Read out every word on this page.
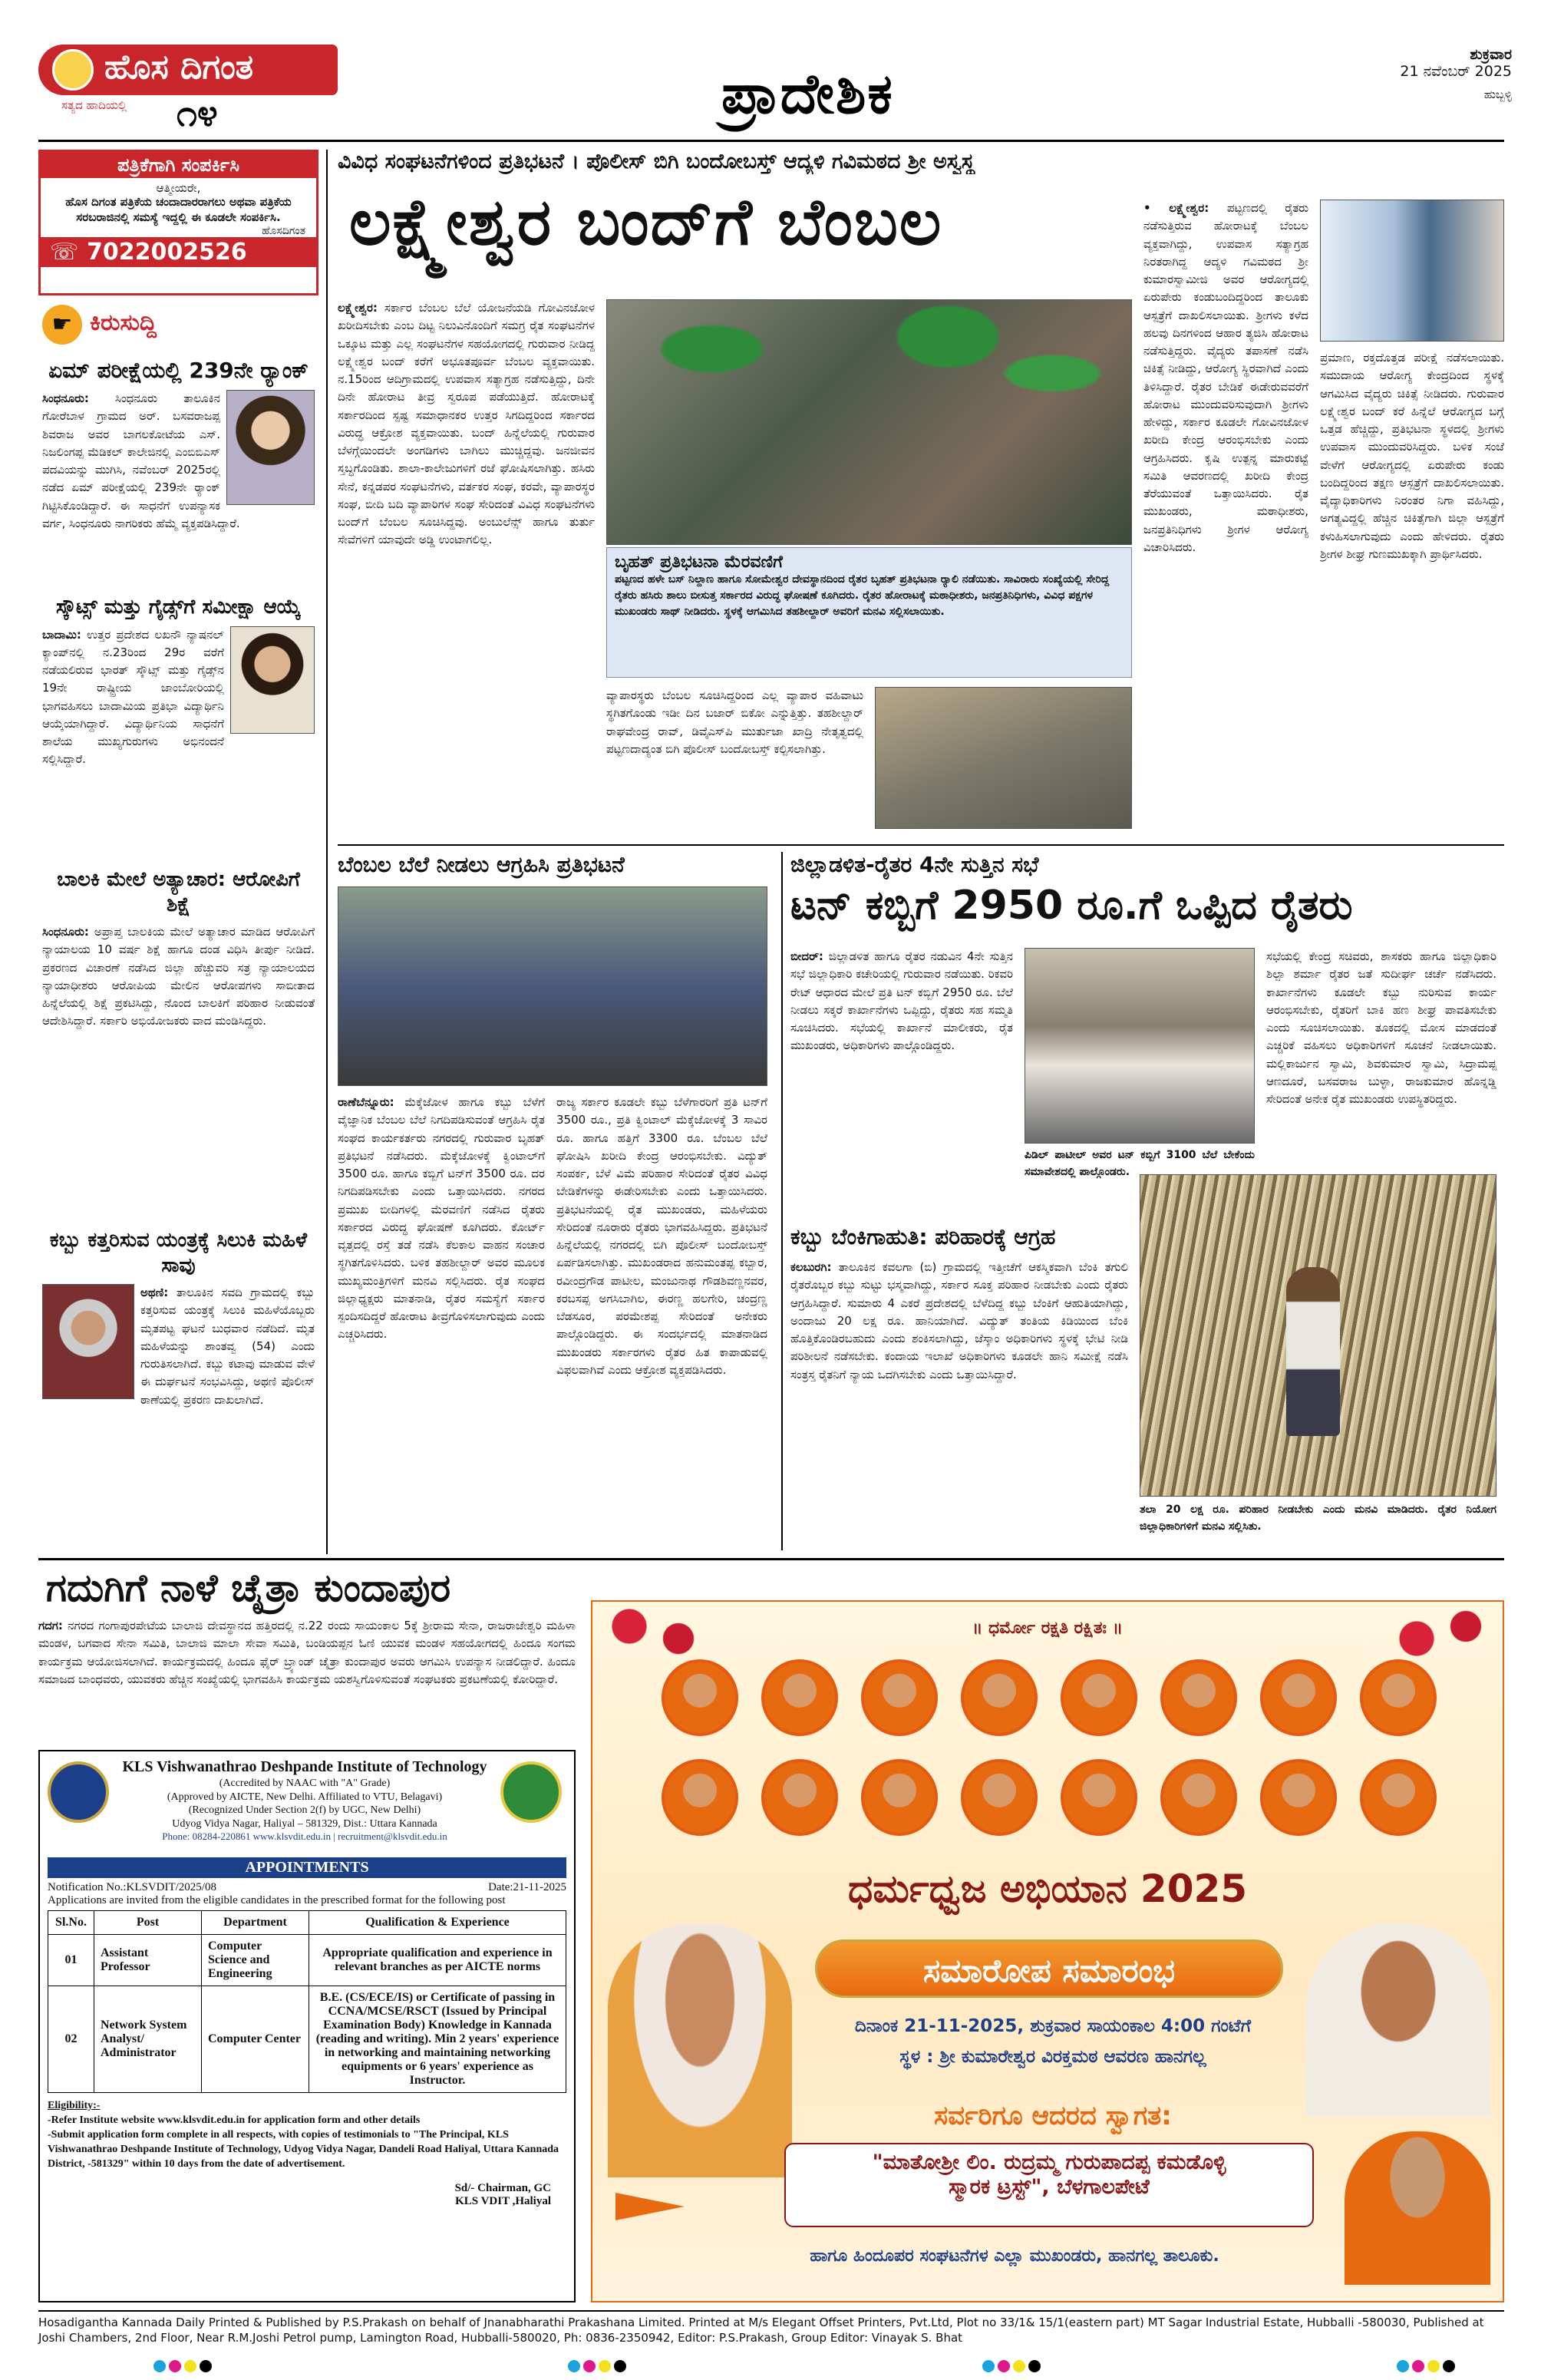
ಹೊಸ ದಿಗಂತ
ಸತ್ಯದ ಹಾದಿಯಲ್ಲಿ ೧೪	ಪ್ರಾದೇಶಿಕ
ಶುಕ್ರವಾರ
21 ನವೆಂಬರ್ 2025
ಹುಬ್ಬಳ್ಳಿ
ಪತ್ರಿಕೆಗಾಗಿ ಸಂಪರ್ಕಿಸಿ
ಆತ್ಮೀಯರೇ,
ಹೊಸ ದಿಗಂತ ಪತ್ರಿಕೆಯ ಚಂದಾದಾರರಾಗಲು ಅಥವಾ ಪತ್ರಿಕೆಯ ಸರಬರಾಜಿನಲ್ಲಿ ಸಮಸ್ಯೆ ಇದ್ದಲ್ಲಿ ಈ ಕೂಡಲೇ ಸಂಪರ್ಕಿಸಿ.
ಹೊಸದಿಗಂತ
☏ 7022002526
☛ ಕಿರುಸುದ್ದಿ
ಏಮ್ ಪರೀಕ್ಷೆಯಲ್ಲಿ 239ನೇ ರ‍್ಯಾಂಕ್
ಸಿಂಧನೂರು: ಸಿಂಧನೂರು ತಾಲೂಕಿನ ಗೋರೆಬಾಳ ಗ್ರಾಮದ ಅರ್. ಬಸವರಾಜಪ್ಪ ಶಿವರಾಜ ಅವರ ಬಾಗಲಕೋಟೆಯ ಎಸ್. ನಿಜಲಿಂಗಪ್ಪ ಮೆಡಿಕಲ್ ಕಾಲೇಜಿನಲ್ಲಿ ಎಂಬಿಬಿಎಸ್ ಪದವಿಯನ್ನು ಮುಗಿಸಿ, ನವೆಂಬರ್ 2025ರಲ್ಲಿ ನಡೆದ ಏಮ್ ಪರೀಕ್ಷೆಯಲ್ಲಿ 239ನೇ ರ‍್ಯಾಂಕ್ ಗಿಟ್ಟಿಸಿಕೊಂಡಿದ್ದಾರೆ. ಈ ಸಾಧನೆಗೆ ಉಪನ್ಯಾಸಕ ವರ್ಗ, ಸಿಂಧನೂರು ನಾಗರಿಕರು ಹೆಮ್ಮೆ ವ್ಯಕ್ತಪಡಿಸಿದ್ದಾರೆ.
ಸ್ಕೌಟ್ಸ್ ಮತ್ತು ಗೈಡ್ಸ್‌ಗೆ ಸಮೀಕ್ಷಾ ಆಯ್ಕೆ
ಬಾದಾಮಿ: ಉತ್ತರ ಪ್ರದೇಶದ ಲಖನೌ ನ್ಯಾಷನಲ್ ಕ್ಯಾಂಪ್‌ನಲ್ಲಿ ನ.23ರಿಂದ 29ರ ವರೆಗೆ ನಡೆಯಲಿರುವ ಭಾರತ್ ಸ್ಕೌಟ್ಸ್ ಮತ್ತು ಗೈಡ್ಸ್‌ನ 19ನೇ ರಾಷ್ಟ್ರೀಯ ಜಾಂಬೋರಿಯಲ್ಲಿ ಭಾಗವಹಿಸಲು ಬಾದಾಮಿಯ ಪ್ರತಿಭಾ ವಿದ್ಯಾರ್ಥಿನಿ ಆಯ್ಕೆಯಾಗಿದ್ದಾರೆ. ವಿದ್ಯಾರ್ಥಿನಿಯ ಸಾಧನೆಗೆ ಶಾಲೆಯ ಮುಖ್ಯಗುರುಗಳು ಅಭಿನಂದನೆ ಸಲ್ಲಿಸಿದ್ದಾರೆ.
ಬಾಲಕಿ ಮೇಲೆ ಅತ್ಯಾಚಾರ: ಆರೋಪಿಗೆ ಶಿಕ್ಷೆ
ಸಿಂಧನೂರು: ಅಪ್ರಾಪ್ತ ಬಾಲಕಿಯ ಮೇಲೆ ಅತ್ಯಾಚಾರ ಮಾಡಿದ ಆರೋಪಿಗೆ ನ್ಯಾಯಾಲಯ 10 ವರ್ಷ ಶಿಕ್ಷೆ ಹಾಗೂ ದಂಡ ವಿಧಿಸಿ ತೀರ್ಪು ನೀಡಿದೆ. ಪ್ರಕರಣದ ವಿಚಾರಣೆ ನಡೆಸಿದ ಜಿಲ್ಲಾ ಹೆಚ್ಚುವರಿ ಸತ್ರ ನ್ಯಾಯಾಲಯದ ನ್ಯಾಯಾಧೀಶರು ಆರೋಪಿಯ ಮೇಲಿನ ಆರೋಪಗಳು ಸಾಬೀತಾದ ಹಿನ್ನೆಲೆಯಲ್ಲಿ ಶಿಕ್ಷೆ ಪ್ರಕಟಿಸಿದ್ದು, ನೊಂದ ಬಾಲಕಿಗೆ ಪರಿಹಾರ ನೀಡುವಂತೆ ಆದೇಶಿಸಿದ್ದಾರೆ. ಸರ್ಕಾರಿ ಅಭಿಯೋಜಕರು ವಾದ ಮಂಡಿಸಿದ್ದರು.
ಕಬ್ಬು ಕತ್ತರಿಸುವ ಯಂತ್ರಕ್ಕೆ ಸಿಲುಕಿ ಮಹಿಳೆ ಸಾವು
ಅಥಣಿ: ತಾಲೂಕಿನ ಸವದಿ ಗ್ರಾಮದಲ್ಲಿ ಕಬ್ಬು ಕತ್ತರಿಸುವ ಯಂತ್ರಕ್ಕೆ ಸಿಲುಕಿ ಮಹಿಳೆಯೊಬ್ಬರು ಮೃತಪಟ್ಟ ಘಟನೆ ಬುಧವಾರ ನಡೆದಿದೆ. ಮೃತ ಮಹಿಳೆಯನ್ನು ಶಾಂತವ್ವ (54) ಎಂದು ಗುರುತಿಸಲಾಗಿದೆ. ಕಬ್ಬು ಕಟಾವು ಮಾಡುವ ವೇಳೆ ಈ ದುರ್ಘಟನೆ ಸಂಭವಿಸಿದ್ದು, ಅಥಣಿ ಪೊಲೀಸ್ ಠಾಣೆಯಲ್ಲಿ ಪ್ರಕರಣ ದಾಖಲಾಗಿದೆ.
ವಿವಿಧ ಸಂಘಟನೆಗಳಿಂದ ಪ್ರತಿಭಟನೆ । ಪೊಲೀಸ್ ಬಿಗಿ ಬಂದೋಬಸ್ತ್ ಆದ್ಯಳಿ ಗವಿಮಠದ ಶ್ರೀ ಅಸ್ವಸ್ಥ
ಲಕ್ಷ್ಮೇಶ್ವರ ಬಂದ್‌ಗೆ ಬೆಂಬಲ
ಲಕ್ಷ್ಮೇಶ್ವರ: ಸರ್ಕಾರ ಬೆಂಬಲ ಬೆಲೆ ಯೋಜನೆಯಡಿ ಗೋವಿನಜೋಳ ಖರೀದಿಸಬೇಕು ಎಂಬ ದಿಟ್ಟ ನಿಲುವಿನೊಂದಿಗೆ ಸಮಗ್ರ ರೈತ ಸಂಘಟನೆಗಳ ಒಕ್ಕೂಟ ಮತ್ತು ಎಲ್ಲ ಸಂಘಟನೆಗಳ ಸಹಯೋಗದಲ್ಲಿ ಗುರುವಾರ ನೀಡಿದ್ದ ಲಕ್ಷ್ಮೇಶ್ವರ ಬಂದ್ ಕರೆಗೆ ಅಭೂತಪೂರ್ವ ಬೆಂಬಲ ವ್ಯಕ್ತವಾಯಿತು. ನ.15ರಿಂದ ಆದಿಗ್ರಾಮದಲ್ಲಿ ಉಪವಾಸ ಸತ್ಯಾಗ್ರಹ ನಡೆಸುತ್ತಿದ್ದು, ದಿನೇ ದಿನೇ ಹೋರಾಟ ತೀವ್ರ ಸ್ವರೂಪ ಪಡೆಯುತ್ತಿದೆ. ಹೋರಾಟಕ್ಕೆ ಸರ್ಕಾರದಿಂದ ಸ್ಪಷ್ಟ ಸಮಾಧಾನಕರ ಉತ್ತರ ಸಿಗದಿದ್ದರಿಂದ ಸರ್ಕಾರದ ವಿರುದ್ಧ ಆಕ್ರೋಶ ವ್ಯಕ್ತವಾಯಿತು. ಬಂದ್ ಹಿನ್ನೆಲೆಯಲ್ಲಿ ಗುರುವಾರ ಬೆಳಗ್ಗೆಯಿಂದಲೇ ಅಂಗಡಿಗಳು ಬಾಗಿಲು ಮುಚ್ಚಿದ್ದವು. ಜನಜೀವನ ಸ್ತಬ್ಧಗೊಂಡಿತು. ಶಾಲಾ-ಕಾಲೇಜುಗಳಿಗೆ ರಜೆ ಘೋಷಿಸಲಾಗಿತ್ತು. ಹಸಿರು ಸೇನೆ, ಕನ್ನಡಪರ ಸಂಘಟನೆಗಳು, ವರ್ತಕರ ಸಂಘ, ಕರವೇ, ವ್ಯಾಪಾರಸ್ಥರ ಸಂಘ, ಬೀದಿ ಬದಿ ವ್ಯಾಪಾರಿಗಳ ಸಂಘ ಸೇರಿದಂತೆ ವಿವಿಧ ಸಂಘಟನೆಗಳು ಬಂದ್‌ಗೆ ಬೆಂಬಲ ಸೂಚಿಸಿದ್ದವು. ಅಂಬುಲೆನ್ಸ್ ಹಾಗೂ ತುರ್ತು ಸೇವೆಗಳಿಗೆ ಯಾವುದೇ ಅಡ್ಡಿ ಉಂಟಾಗಲಿಲ್ಲ.
ಬೃಹತ್ ಪ್ರತಿಭಟನಾ ಮೆರವಣಿಗೆ
ಪಟ್ಟಣದ ಹಳೇ ಬಸ್ ನಿಲ್ದಾಣ ಹಾಗೂ ಸೋಮೇಶ್ವರ ದೇವಸ್ಥಾನದಿಂದ ರೈತರ ಬೃಹತ್ ಪ್ರತಿಭಟನಾ ರ‍್ಯಾಲಿ ನಡೆಯಿತು. ಸಾವಿರಾರು ಸಂಖ್ಯೆಯಲ್ಲಿ ಸೇರಿದ್ದ ರೈತರು ಹಸಿರು ಶಾಲು ಬೀಸುತ್ತ ಸರ್ಕಾರದ ವಿರುದ್ಧ ಘೋಷಣೆ ಕೂಗಿದರು. ರೈತರ ಹೋರಾಟಕ್ಕೆ ಮಠಾಧೀಶರು, ಜನಪ್ರತಿನಿಧಿಗಳು, ವಿವಿಧ ಪಕ್ಷಗಳ ಮುಖಂಡರು ಸಾಥ್ ನೀಡಿದರು. ಸ್ಥಳಕ್ಕೆ ಆಗಮಿಸಿದ ತಹಶೀಲ್ದಾರ್ ಅವರಿಗೆ ಮನವಿ ಸಲ್ಲಿಸಲಾಯಿತು.
ವ್ಯಾಪಾರಸ್ಥರು ಬೆಂಬಲ ಸೂಚಿಸಿದ್ದರಿಂದ ಎಲ್ಲ ವ್ಯಾಪಾರ ವಹಿವಾಟು ಸ್ಥಗಿತಗೊಂಡು ಇಡೀ ದಿನ ಬಜಾರ್ ಬಿಕೋ ಎನ್ನುತ್ತಿತ್ತು. ತಹಶೀಲ್ದಾರ್ ರಾಘವೇಂದ್ರ ರಾವ್, ಡಿವೈಎಸ್‌ಪಿ ಮುರ್ತುಜಾ ಖಾದ್ರಿ ನೇತೃತ್ವದಲ್ಲಿ ಪಟ್ಟಣದಾದ್ಯಂತ ಬಿಗಿ ಪೊಲೀಸ್ ಬಂದೋಬಸ್ತ್ ಕಲ್ಪಿಸಲಾಗಿತ್ತು.
• ಲಕ್ಷ್ಮೇಶ್ವರ: ಪಟ್ಟಣದಲ್ಲಿ ರೈತರು ನಡೆಸುತ್ತಿರುವ ಹೋರಾಟಕ್ಕೆ ಬೆಂಬಲ ವ್ಯಕ್ತವಾಗಿದ್ದು, ಉಪವಾಸ ಸತ್ಯಾಗ್ರಹ ನಿರತರಾಗಿದ್ದ ಆದ್ಯಳಿ ಗವಿಮಠದ ಶ್ರೀ ಕುಮಾರಸ್ವಾಮೀಜಿ ಅವರ ಆರೋಗ್ಯದಲ್ಲಿ ಏರುಪೇರು ಕಂಡುಬಂದಿದ್ದರಿಂದ ತಾಲೂಕು ಆಸ್ಪತ್ರೆಗೆ ದಾಖಲಿಸಲಾಯಿತು. ಶ್ರೀಗಳು ಕಳೆದ ಹಲವು ದಿನಗಳಿಂದ ಆಹಾರ ತ್ಯಜಿಸಿ ಹೋರಾಟ ನಡೆಸುತ್ತಿದ್ದರು. ವೈದ್ಯರು ತಪಾಸಣೆ ನಡೆಸಿ ಚಿಕಿತ್ಸೆ ನೀಡಿದ್ದು, ಆರೋಗ್ಯ ಸ್ಥಿರವಾಗಿದೆ ಎಂದು ತಿಳಿಸಿದ್ದಾರೆ. ರೈತರ ಬೇಡಿಕೆ ಈಡೇರುವವರೆಗೆ ಹೋರಾಟ ಮುಂದುವರಿಸುವುದಾಗಿ ಶ್ರೀಗಳು ಹೇಳಿದ್ದು, ಸರ್ಕಾರ ಕೂಡಲೇ ಗೋವಿನಜೋಳ ಖರೀದಿ ಕೇಂದ್ರ ಆರಂಭಿಸಬೇಕು ಎಂದು ಆಗ್ರಹಿಸಿದರು. ಕೃಷಿ ಉತ್ಪನ್ನ ಮಾರುಕಟ್ಟೆ ಸಮಿತಿ ಆವರಣದಲ್ಲಿ ಖರೀದಿ ಕೇಂದ್ರ ತೆರೆಯುವಂತೆ ಒತ್ತಾಯಿಸಿದರು. ರೈತ ಮುಖಂಡರು, ಮಠಾಧೀಶರು, ಜನಪ್ರತಿನಿಧಿಗಳು ಶ್ರೀಗಳ ಆರೋಗ್ಯ ವಿಚಾರಿಸಿದರು.
ಪ್ರಮಾಣ, ರಕ್ತದೊತ್ತಡ ಪರೀಕ್ಷೆ ನಡೆಸಲಾಯಿತು. ಸಮುದಾಯ ಆರೋಗ್ಯ ಕೇಂದ್ರದಿಂದ ಸ್ಥಳಕ್ಕೆ ಆಗಮಿಸಿದ ವೈದ್ಯರು ಚಿಕಿತ್ಸೆ ನೀಡಿದರು. ಗುರುವಾರ ಲಕ್ಷ್ಮೇಶ್ವರ ಬಂದ್ ಕರೆ ಹಿನ್ನೆಲೆ ಆರೋಗ್ಯದ ಬಗ್ಗೆ ಒತ್ತಡ ಹೆಚ್ಚಿದ್ದು, ಪ್ರತಿಭಟನಾ ಸ್ಥಳದಲ್ಲಿ ಶ್ರೀಗಳು ಉಪವಾಸ ಮುಂದುವರಿಸಿದ್ದರು. ಬಳಿಕ ಸಂಜೆ ವೇಳೆಗೆ ಆರೋಗ್ಯದಲ್ಲಿ ಏರುಪೇರು ಕಂಡು ಬಂದಿದ್ದರಿಂದ ತಕ್ಷಣ ಆಸ್ಪತ್ರೆಗೆ ದಾಖಲಿಸಲಾಯಿತು. ವೈದ್ಯಾಧಿಕಾರಿಗಳು ನಿರಂತರ ನಿಗಾ ವಹಿಸಿದ್ದು, ಅಗತ್ಯವಿದ್ದಲ್ಲಿ ಹೆಚ್ಚಿನ ಚಿಕಿತ್ಸೆಗಾಗಿ ಜಿಲ್ಲಾ ಆಸ್ಪತ್ರೆಗೆ ಕಳುಹಿಸಲಾಗುವುದು ಎಂದು ಹೇಳಿದರು. ರೈತರು ಶ್ರೀಗಳ ಶೀಘ್ರ ಗುಣಮುಖಕ್ಕಾಗಿ ಪ್ರಾರ್ಥಿಸಿದರು.
ಬೆಂಬಲ ಬೆಲೆ ನೀಡಲು ಆಗ್ರಹಿಸಿ ಪ್ರತಿಭಟನೆ
ರಾಣೆಬೆನ್ನೂರು: ಮೆಕ್ಕೆಜೋಳ ಹಾಗೂ ಕಬ್ಬು ಬೆಳೆಗೆ ವೈಜ್ಞಾನಿಕ ಬೆಂಬಲ ಬೆಲೆ ನಿಗದಿಪಡಿಸುವಂತೆ ಆಗ್ರಹಿಸಿ ರೈತ ಸಂಘದ ಕಾರ್ಯಕರ್ತರು ನಗರದಲ್ಲಿ ಗುರುವಾರ ಬೃಹತ್ ಪ್ರತಿಭಟನೆ ನಡೆಸಿದರು. ಮೆಕ್ಕೆಜೋಳಕ್ಕೆ ಕ್ವಿಂಟಾಲ್‌ಗೆ 3500 ರೂ. ಹಾಗೂ ಕಬ್ಬಿಗೆ ಟನ್‌ಗೆ 3500 ರೂ. ದರ ನಿಗದಿಪಡಿಸಬೇಕು ಎಂದು ಒತ್ತಾಯಿಸಿದರು. ನಗರದ ಪ್ರಮುಖ ಬೀದಿಗಳಲ್ಲಿ ಮೆರವಣಿಗೆ ನಡೆಸಿದ ರೈತರು ಸರ್ಕಾರದ ವಿರುದ್ಧ ಘೋಷಣೆ ಕೂಗಿದರು. ಕೋರ್ಟ್ ವೃತ್ತದಲ್ಲಿ ರಸ್ತೆ ತಡೆ ನಡೆಸಿ ಕೆಲಕಾಲ ವಾಹನ ಸಂಚಾರ ಸ್ಥಗಿತಗೊಳಿಸಿದರು. ಬಳಿಕ ತಹಶೀಲ್ದಾರ್ ಅವರ ಮೂಲಕ ಮುಖ್ಯಮಂತ್ರಿಗಳಿಗೆ ಮನವಿ ಸಲ್ಲಿಸಿದರು. ರೈತ ಸಂಘದ ಜಿಲ್ಲಾಧ್ಯಕ್ಷರು ಮಾತನಾಡಿ, ರೈತರ ಸಮಸ್ಯೆಗೆ ಸರ್ಕಾರ ಸ್ಪಂದಿಸದಿದ್ದರೆ ಹೋರಾಟ ತೀವ್ರಗೊಳಿಸಲಾಗುವುದು ಎಂದು ಎಚ್ಚರಿಸಿದರು.
ರಾಜ್ಯ ಸರ್ಕಾರ ಕೂಡಲೇ ಕಬ್ಬು ಬೆಳೆಗಾರರಿಗೆ ಪ್ರತಿ ಟನ್‌ಗೆ 3500 ರೂ., ಪ್ರತಿ ಕ್ವಿಂಟಾಲ್ ಮೆಕ್ಕೆಜೋಳಕ್ಕೆ 3 ಸಾವಿರ ರೂ. ಹಾಗೂ ಹತ್ತಿಗೆ 3300 ರೂ. ಬೆಂಬಲ ಬೆಲೆ ಘೋಷಿಸಿ ಖರೀದಿ ಕೇಂದ್ರ ಆರಂಭಿಸಬೇಕು. ವಿದ್ಯುತ್ ಸಂಪರ್ಕ, ಬೆಳೆ ವಿಮೆ ಪರಿಹಾರ ಸೇರಿದಂತೆ ರೈತರ ವಿವಿಧ ಬೇಡಿಕೆಗಳನ್ನು ಈಡೇರಿಸಬೇಕು ಎಂದು ಒತ್ತಾಯಿಸಿದರು. ಪ್ರತಿಭಟನೆಯಲ್ಲಿ ರೈತ ಮುಖಂಡರು, ಮಹಿಳೆಯರು ಸೇರಿದಂತೆ ನೂರಾರು ರೈತರು ಭಾಗವಹಿಸಿದ್ದರು. ಪ್ರತಿಭಟನೆ ಹಿನ್ನೆಲೆಯಲ್ಲಿ ನಗರದಲ್ಲಿ ಬಿಗಿ ಪೊಲೀಸ್ ಬಂದೋಬಸ್ತ್ ಏರ್ಪಡಿಸಲಾಗಿತ್ತು. ಮುಖಂಡರಾದ ಹನುಮಂತಪ್ಪ ಕಬ್ಬಾರ, ರವೀಂದ್ರಗೌಡ ಪಾಟೀಲ, ಮಂಜುನಾಥ ಗೌಡಶಿವಣ್ಣನವರ, ಕರಬಸಪ್ಪ ಅಗಸಿಬಾಗಿಲ, ಈರಣ್ಣ ಹಲಗೇರಿ, ಚಂದ್ರಣ್ಣ ಬೆಡಸೂರ, ಪರಮೇಶಪ್ಪ ಸೇರಿದಂತೆ ಅನೇಕರು ಪಾಲ್ಗೊಂಡಿದ್ದರು. ಈ ಸಂದರ್ಭದಲ್ಲಿ ಮಾತನಾಡಿದ ಮುಖಂಡರು ಸರ್ಕಾರಗಳು ರೈತರ ಹಿತ ಕಾಪಾಡುವಲ್ಲಿ ವಿಫಲವಾಗಿವೆ ಎಂದು ಆಕ್ರೋಶ ವ್ಯಕ್ತಪಡಿಸಿದರು.
ಜಿಲ್ಲಾಡಳಿತ-ರೈತರ 4ನೇ ಸುತ್ತಿನ ಸಭೆ
ಟನ್ ಕಬ್ಬಿಗೆ 2950 ರೂ.ಗೆ ಒಪ್ಪಿದ ರೈತರು
ಬೀದರ್: ಜಿಲ್ಲಾಡಳಿತ ಹಾಗೂ ರೈತರ ನಡುವಿನ 4ನೇ ಸುತ್ತಿನ ಸಭೆ ಜಿಲ್ಲಾಧಿಕಾರಿ ಕಚೇರಿಯಲ್ಲಿ ಗುರುವಾರ ನಡೆಯಿತು. ರಿಕವರಿ ರೇಟ್ ಆಧಾರದ ಮೇಲೆ ಪ್ರತಿ ಟನ್ ಕಬ್ಬಿಗೆ 2950 ರೂ. ಬೆಲೆ ನೀಡಲು ಸಕ್ಕರೆ ಕಾರ್ಖಾನೆಗಳು ಒಪ್ಪಿದ್ದು, ರೈತರು ಸಹ ಸಮ್ಮತಿ ಸೂಚಿಸಿದರು. ಸಭೆಯಲ್ಲಿ ಕಾರ್ಖಾನೆ ಮಾಲೀಕರು, ರೈತ ಮುಖಂಡರು, ಅಧಿಕಾರಿಗಳು ಪಾಲ್ಗೊಂಡಿದ್ದರು.
ಪಿಡಿಲ್ ಪಾಟೀಲ್ ಅವರ ಟನ್ ಕಬ್ಬಿಗೆ 3100 ಬೆಲೆ ಬೇಕೆಂದು ಸಮಾವೇಶದಲ್ಲಿ ಪಾಲ್ಗೊಂಡರು.
ಸಭೆಯಲ್ಲಿ ಕೇಂದ್ರ ಸಚಿವರು, ಶಾಸಕರು ಹಾಗೂ ಜಿಲ್ಲಾಧಿಕಾರಿ ಶಿಲ್ಪಾ ಶರ್ಮಾ ರೈತರ ಜತೆ ಸುದೀರ್ಘ ಚರ್ಚೆ ನಡೆಸಿದರು. ಕಾರ್ಖಾನೆಗಳು ಕೂಡಲೇ ಕಬ್ಬು ನುರಿಸುವ ಕಾರ್ಯ ಆರಂಭಿಸಬೇಕು, ರೈತರಿಗೆ ಬಾಕಿ ಹಣ ಶೀಘ್ರ ಪಾವತಿಸಬೇಕು ಎಂದು ಸೂಚಿಸಲಾಯಿತು. ತೂಕದಲ್ಲಿ ಮೋಸ ಮಾಡದಂತೆ ಎಚ್ಚರಿಕೆ ವಹಿಸಲು ಅಧಿಕಾರಿಗಳಿಗೆ ಸೂಚನೆ ನೀಡಲಾಯಿತು. ಮಲ್ಲಿಕಾರ್ಜುನ ಸ್ವಾಮಿ, ಶಿವಕುಮಾರ ಸ್ವಾಮಿ, ಸಿದ್ರಾಮಪ್ಪ ಆಣದೂರೆ, ಬಸವರಾಜ ಬುಳ್ಳಾ, ರಾಜಕುಮಾರ ಹೊನ್ನಡ್ಡಿ ಸೇರಿದಂತೆ ಅನೇಕ ರೈತ ಮುಖಂಡರು ಉಪಸ್ಥಿತರಿದ್ದರು.
ಕಬ್ಬು ಬೆಂಕಿಗಾಹುತಿ: ಪರಿಹಾರಕ್ಕೆ ಆಗ್ರಹ
ಕಲಬುರಗಿ: ತಾಲೂಕಿನ ಕವಲಗಾ (ಬಿ) ಗ್ರಾಮದಲ್ಲಿ ಇತ್ತೀಚೆಗೆ ಆಕಸ್ಮಿಕವಾಗಿ ಬೆಂಕಿ ತಗುಲಿ ರೈತರೊಬ್ಬರ ಕಬ್ಬು ಸುಟ್ಟು ಭಸ್ಮವಾಗಿದ್ದು, ಸರ್ಕಾರ ಸೂಕ್ತ ಪರಿಹಾರ ನೀಡಬೇಕು ಎಂದು ರೈತರು ಆಗ್ರಹಿಸಿದ್ದಾರೆ. ಸುಮಾರು 4 ಎಕರೆ ಪ್ರದೇಶದಲ್ಲಿ ಬೆಳೆದಿದ್ದ ಕಬ್ಬು ಬೆಂಕಿಗೆ ಆಹುತಿಯಾಗಿದ್ದು, ಅಂದಾಜು 20 ಲಕ್ಷ ರೂ. ಹಾನಿಯಾಗಿದೆ. ವಿದ್ಯುತ್ ತಂತಿಯ ಕಿಡಿಯಿಂದ ಬೆಂಕಿ ಹೊತ್ತಿಕೊಂಡಿರಬಹುದು ಎಂದು ಶಂಕಿಸಲಾಗಿದ್ದು, ಜೆಸ್ಕಾಂ ಅಧಿಕಾರಿಗಳು ಸ್ಥಳಕ್ಕೆ ಭೇಟಿ ನೀಡಿ ಪರಿಶೀಲನೆ ನಡೆಸಬೇಕು. ಕಂದಾಯ ಇಲಾಖೆ ಅಧಿಕಾರಿಗಳು ಕೂಡಲೇ ಹಾನಿ ಸಮೀಕ್ಷೆ ನಡೆಸಿ ಸಂತ್ರಸ್ತ ರೈತನಿಗೆ ನ್ಯಾಯ ಒದಗಿಸಬೇಕು ಎಂದು ಒತ್ತಾಯಿಸಿದ್ದಾರೆ.
ತಲಾ 20 ಲಕ್ಷ ರೂ. ಪರಿಹಾರ ನೀಡಬೇಕು ಎಂದು ಮನವಿ ಮಾಡಿದರು. ರೈತರ ನಿಯೋಗ ಜಿಲ್ಲಾಧಿಕಾರಿಗಳಿಗೆ ಮನವಿ ಸಲ್ಲಿಸಿತು.
ಗದುಗಿಗೆ ನಾಳೆ ಚೈತ್ರಾ ಕುಂದಾಪುರ
ಗದಗ: ನಗರದ ಗಂಗಾಪುರಪೇಟೆಯ ಬಾಲಾಜಿ ದೇವಸ್ಥಾನದ ಹತ್ತಿರದಲ್ಲಿ ನ.22 ರಂದು ಸಾಯಂಕಾಲ 5ಕ್ಕೆ ಶ್ರೀರಾಮ ಸೇನಾ, ರಾಜರಾಜೇಶ್ವರಿ ಮಹಿಳಾ ಮಂಡಳ, ಬಗವಾದ ಸೇನಾ ಸಮಿತಿ, ಬಾಲಾಜಿ ಮಾಲಾ ಸೇವಾ ಸಮಿತಿ, ಬಂಡಿಯಪ್ಪನ ಓಣಿ ಯುವಕ ಮಂಡಳ ಸಹಯೋಗದಲ್ಲಿ ಹಿಂದೂ ಸಂಗಮ ಕಾರ್ಯಕ್ರಮ ಆಯೋಜಿಸಲಾಗಿದೆ. ಕಾರ್ಯಕ್ರಮದಲ್ಲಿ ಹಿಂದೂ ಫೈರ್ ಬ್ರ್ಯಾಂಡ್ ಚೈತ್ರಾ ಕುಂದಾಪುರ ಅವರು ಆಗಮಿಸಿ ಉಪನ್ಯಾಸ ನೀಡಲಿದ್ದಾರೆ. ಹಿಂದೂ ಸಮಾಜದ ಬಾಂಧವರು, ಯುವಕರು ಹೆಚ್ಚಿನ ಸಂಖ್ಯೆಯಲ್ಲಿ ಭಾಗವಹಿಸಿ ಕಾರ್ಯಕ್ರಮ ಯಶಸ್ವಿಗೊಳಿಸುವಂತೆ ಸಂಘಟಕರು ಪ್ರಕಟಣೆಯಲ್ಲಿ ಕೋರಿದ್ದಾರೆ.
KLS Vishwanathrao Deshpande Institute of Technology
(Accredited by NAAC with "A" Grade)
(Approved by AICTE, New Delhi. Affiliated to VTU, Belagavi)
(Recognized Under Section 2(f) by UGC, New Delhi)
Udyog Vidya Nagar, Haliyal – 581329, Dist.: Uttara Kannada
Phone: 08284-220861 www.klsvdit.edu.in | recruitment@klsvdit.edu.in
APPOINTMENTS
Notification No.:KLSVDIT/2025/08	Date:21-11-2025
Applications are invited from the eligible candidates in the prescribed format for the following post
Sl.No.	Post	Department	Qualification & Experience
01	Assistant Professor	Computer Science and Engineering	Appropriate qualification and experience in relevant branches as per AICTE norms
02	Network System Analyst/ Administrator	Computer Center	B.E. (CS/ECE/IS) or Certificate of passing in CCNA/MCSE/RSCT (Issued by Principal Examination Body) Knowledge in Kannada (reading and writing). Min 2 years' experience in networking and maintaining networking equipments or 6 years' experience as Instructor.
Eligibility:-
-Refer Institute website www.klsvdit.edu.in for application form and other details
-Submit application form complete in all respects, with copies of testimonials to "The Principal, KLS Vishwanathrao Deshpande Institute of Technology, Udyog Vidya Nagar, Dandeli Road Haliyal, Uttara Kannada District, -581329" within 10 days from the date of advertisement.
Sd/- Chairman, GC
KLS VDIT ,Haliyal
॥ ಧರ್ಮೋ ರಕ್ಷತಿ ರಕ್ಷಿತಃ ॥
ಧರ್ಮಧ್ವಜ ಅಭಿಯಾನ 2025
ಸಮಾರೋಪ ಸಮಾರಂಭ
ದಿನಾಂಕ 21-11-2025, ಶುಕ್ರವಾರ ಸಾಯಂಕಾಲ 4:00 ಗಂಟೆಗೆ
ಸ್ಥಳ : ಶ್ರೀ ಕುಮಾರೇಶ್ವರ ವಿರಕ್ತಮಠ ಆವರಣ ಹಾನಗಲ್ಲ
ಸರ್ವರಿಗೂ ಆದರದ ಸ್ವಾಗತ:
"ಮಾತೋಶ್ರೀ ಲಿಂ. ರುದ್ರಮ್ಮ ಗುರುಪಾದಪ್ಪ ಕಮಡೊಳ್ಳಿ
ಸ್ಮಾರಕ ಟ್ರಸ್ಟ್", ಬೆಳಗಾಲಪೇಟೆ
ಹಾಗೂ ಹಿಂದೂಪರ ಸಂಘಟನೆಗಳ ಎಲ್ಲಾ ಮುಖಂಡರು, ಹಾನಗಲ್ಲ ತಾಲೂಕು.
Hosadigantha Kannada Daily Printed & Published by P.S.Prakash on behalf of Jnanabharathi Prakashana Limited. Printed at M/s Elegant Offset Printers, Pvt.Ltd, Plot no 33/1& 15/1(eastern part) MT Sagar Industrial Estate, Hubballi -580030, Published at Joshi Chambers, 2nd Floor, Near R.M.Joshi Petrol pump, Lamington Road, Hubballi-580020, Ph: 0836-2350942, Editor: P.S.Prakash, Group Editor: Vinayak S. Bhat
